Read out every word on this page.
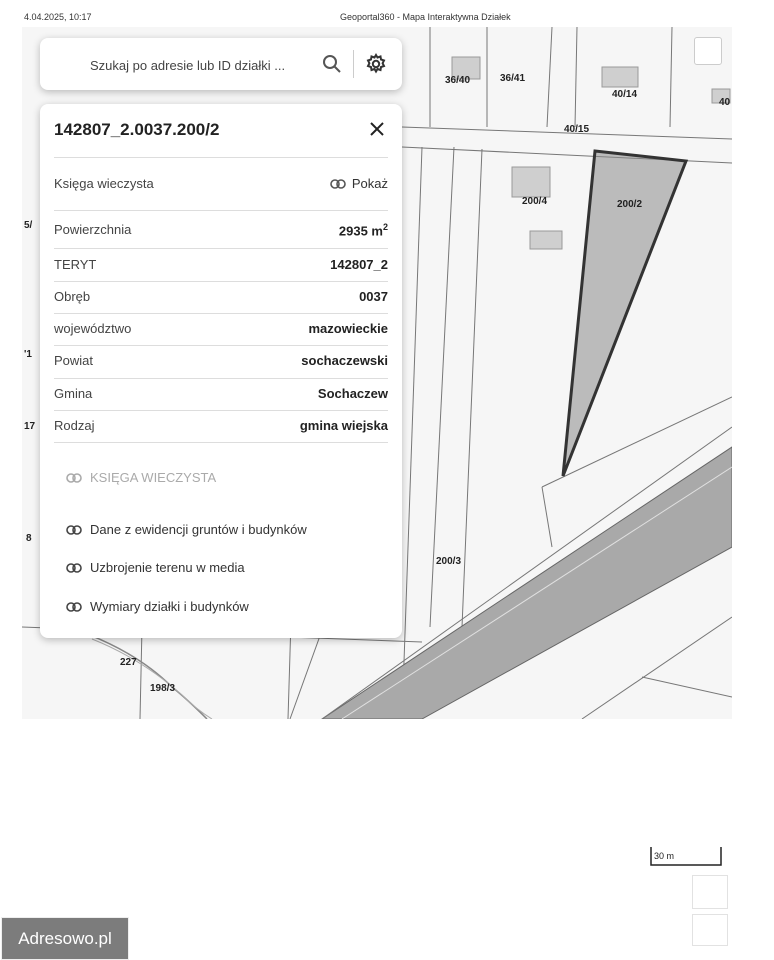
4.04.2025, 10:17	Geoportal360 - Mapa Interaktywna Działek
36/40	36/41
40/14
40/15
200/4	200/2
200/3
227
198/3
40
5/
'1
17
8
Szukaj po adresie lub ID działki ...
142807_2.0037.200/2
Księga wieczysta	Pokaż
Powierzchnia	2935 $m^2$
TERYT	142807_2
Obręb	0037
województwo	mazowieckie
Powiat	sochaczewski
Gmina	Sochaczew
Rodzaj	gmina wiejska
KSIĘGA WIECZYSTA
Dane z ewidencji gruntów i budynków
Uzbrojenie terenu w media
Wymiary działki i budynków
30 m
Adresowo.pl
